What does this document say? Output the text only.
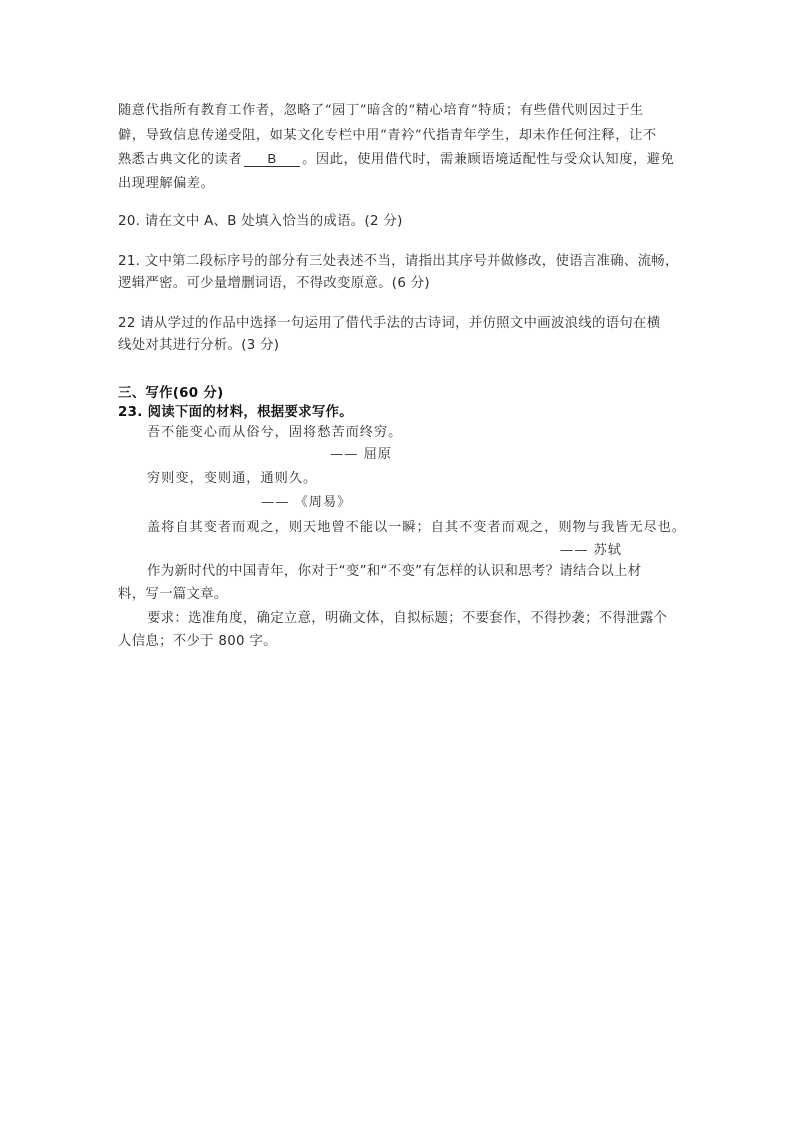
随意代指所有教育工作者，忽略了“园丁”暗含的“精心培育”特质；有些借代则因过于生
僻，导致信息传递受阻，如某文化专栏中用“青衿”代指青年学生，却未作任何注释，让不
熟悉古典文化的读者 B 。因此，使用借代时，需兼顾语境适配性与受众认知度，避免
出现理解偏差。
20. 请在文中 A、B 处填入恰当的成语。(2 分)
21. 文中第二段标序号的部分有三处表述不当，请指出其序号并做修改，使语言准确、流畅，
逻辑严密。可少量增删词语，不得改变原意。(6 分)
22 请从学过的作品中选择一句运用了借代手法的古诗词，并仿照文中画波浪线的语句在横
线处对其进行分析。(3 分)
三、写作(60 分)
23. 阅读下面的材料，根据要求写作。
吾不能变心而从俗兮，固将愁苦而终穷。
—— 屈原
穷则变，变则通，通则久。
—— 《周易》
盖将自其变者而观之，则天地曾不能以一瞬；自其不变者而观之，则物与我皆无尽也。
—— 苏轼
作为新时代的中国青年，你对于“变”和“不变”有怎样的认识和思考？请结合以上材
料，写一篇文章。
要求：选准角度，确定立意，明确文体，自拟标题；不要套作，不得抄袭；不得泄露个
人信息；不少于 800 字。
